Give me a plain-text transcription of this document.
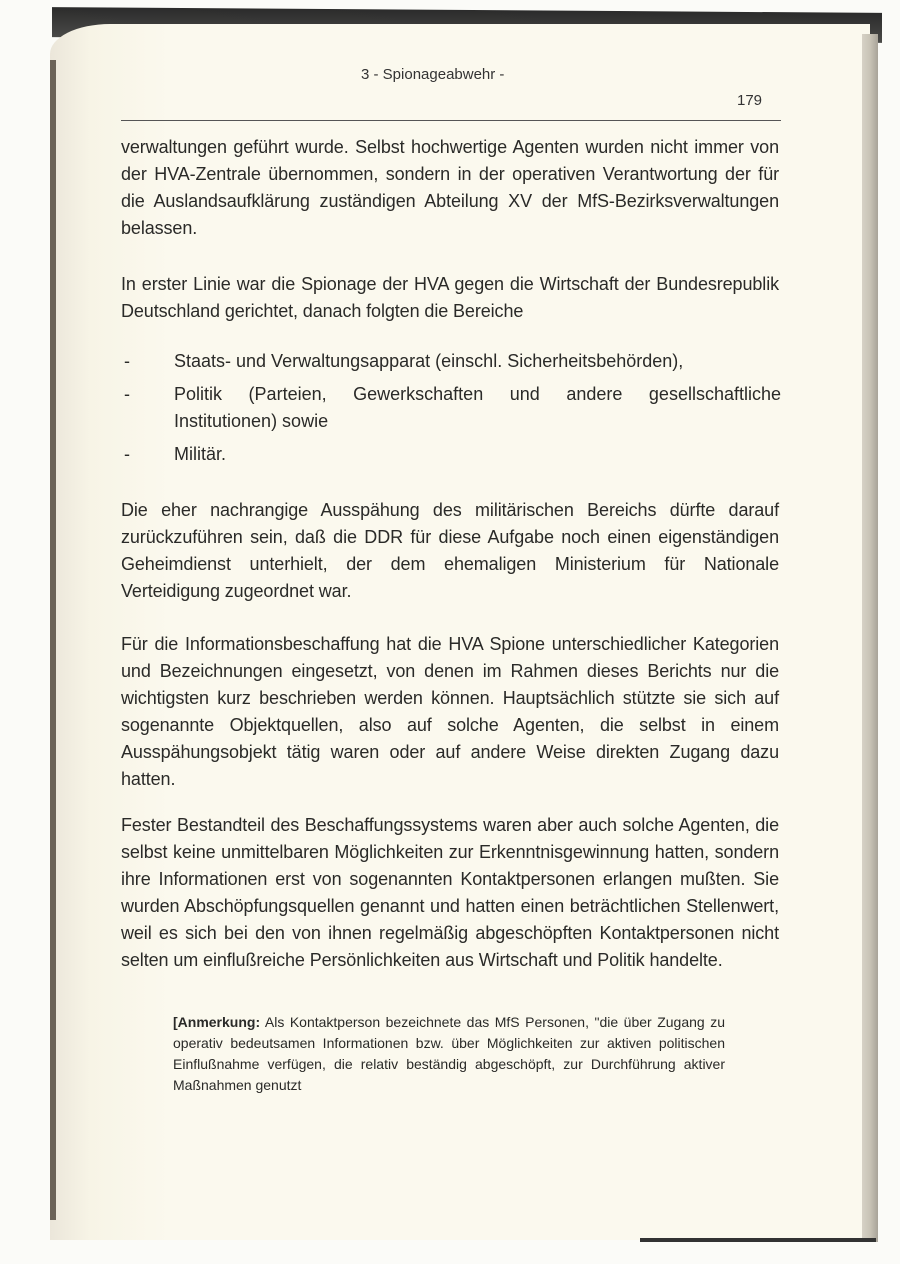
3 - Spionageabwehr -
179

verwaltungen geführt wurde. Selbst hochwertige Agenten wurden nicht immer von der HVA-Zentrale übernommen, sondern in der operativen Verantwortung der für die Auslandsaufklärung zuständigen Abteilung XV der MfS-Bezirksverwaltungen belassen.

In erster Linie war die Spionage der HVA gegen die Wirtschaft der Bundesrepublik Deutschland gerichtet, danach folgten die Bereiche

- Staats- und Verwaltungsapparat (einschl. Sicherheitsbehörden),
- Politik (Parteien, Gewerkschaften und andere gesellschaftliche Institutionen) sowie
- Militär.

Die eher nachrangige Ausspähung des militärischen Bereichs dürfte darauf zurückzuführen sein, daß die DDR für diese Aufgabe noch einen eigenständigen Geheimdienst unterhielt, der dem ehemaligen Ministerium für Nationale Verteidigung zugeordnet war.

Für die Informationsbeschaffung hat die HVA Spione unterschiedlicher Kategorien und Bezeichnungen eingesetzt, von denen im Rahmen dieses Berichts nur die wichtigsten kurz beschrieben werden können. Hauptsächlich stützte sie sich auf sogenannte Objektquellen, also auf solche Agenten, die selbst in einem Ausspähungsobjekt tätig waren oder auf andere Weise direkten Zugang dazu hatten.

Fester Bestandteil des Beschaffungssystems waren aber auch solche Agenten, die selbst keine unmittelbaren Möglichkeiten zur Erkenntnisgewinnung hatten, sondern ihre Informationen erst von sogenannten Kontaktpersonen erlangen mußten. Sie wurden Abschöpfungsquellen genannt und hatten einen beträchtlichen Stellenwert, weil es sich bei den von ihnen regelmäßig abgeschöpften Kontaktpersonen nicht selten um einflußreiche Persönlichkeiten aus Wirtschaft und Politik handelte.

[Anmerkung: Als Kontaktperson bezeichnete das MfS Personen, "die über Zugang zu operativ bedeutsamen Informationen bzw. über Möglichkeiten zur aktiven politischen Einflußnahme verfügen, die relativ beständig abgeschöpft, zur Durchführung aktiver Maßnahmen genutzt
